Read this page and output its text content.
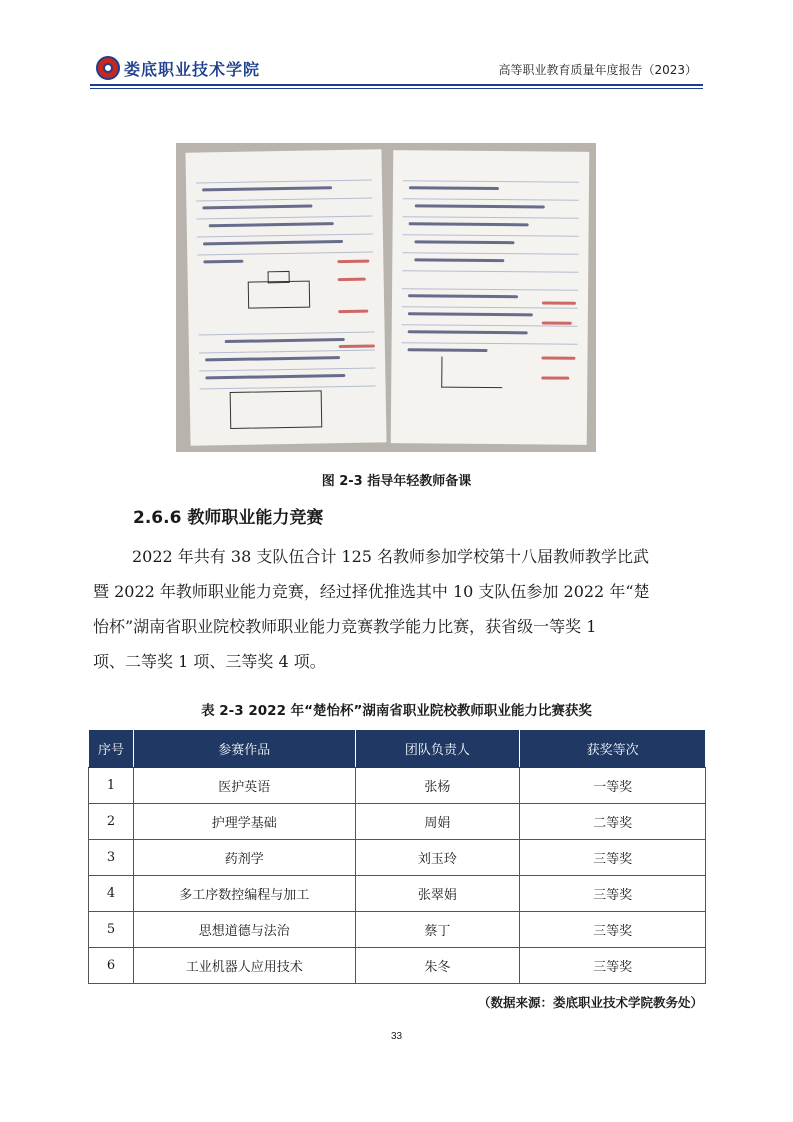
娄底职业技术学院	高等职业教育质量年度报告（2023）
图 2-3 指导年轻教师备课
2.6.6 教师职业能力竞赛
2022 年共有 38 支队伍合计 125 名教师参加学校第十八届教师教学比武
暨 2022 年教师职业能力竞赛，经过择优推选其中 10 支队伍参加 2022 年“楚
怡杯”湖南省职业院校教师职业能力竞赛教学能力比赛，获省级一等奖 1
项、二等奖 1 项、三等奖 4 项。
表 2-3 2022 年“楚怡杯”湖南省职业院校教师职业能力比赛获奖
序号	参赛作品	团队负责人	获奖等次
1	医护英语	张杨	一等奖
2	护理学基础	周娟	二等奖
3	药剂学	刘玉玲	三等奖
4	多工序数控编程与加工	张翠娟	三等奖
5	思想道德与法治	蔡丁	三等奖
6	工业机器人应用技术	朱冬	三等奖
（数据来源：娄底职业技术学院教务处）
33
